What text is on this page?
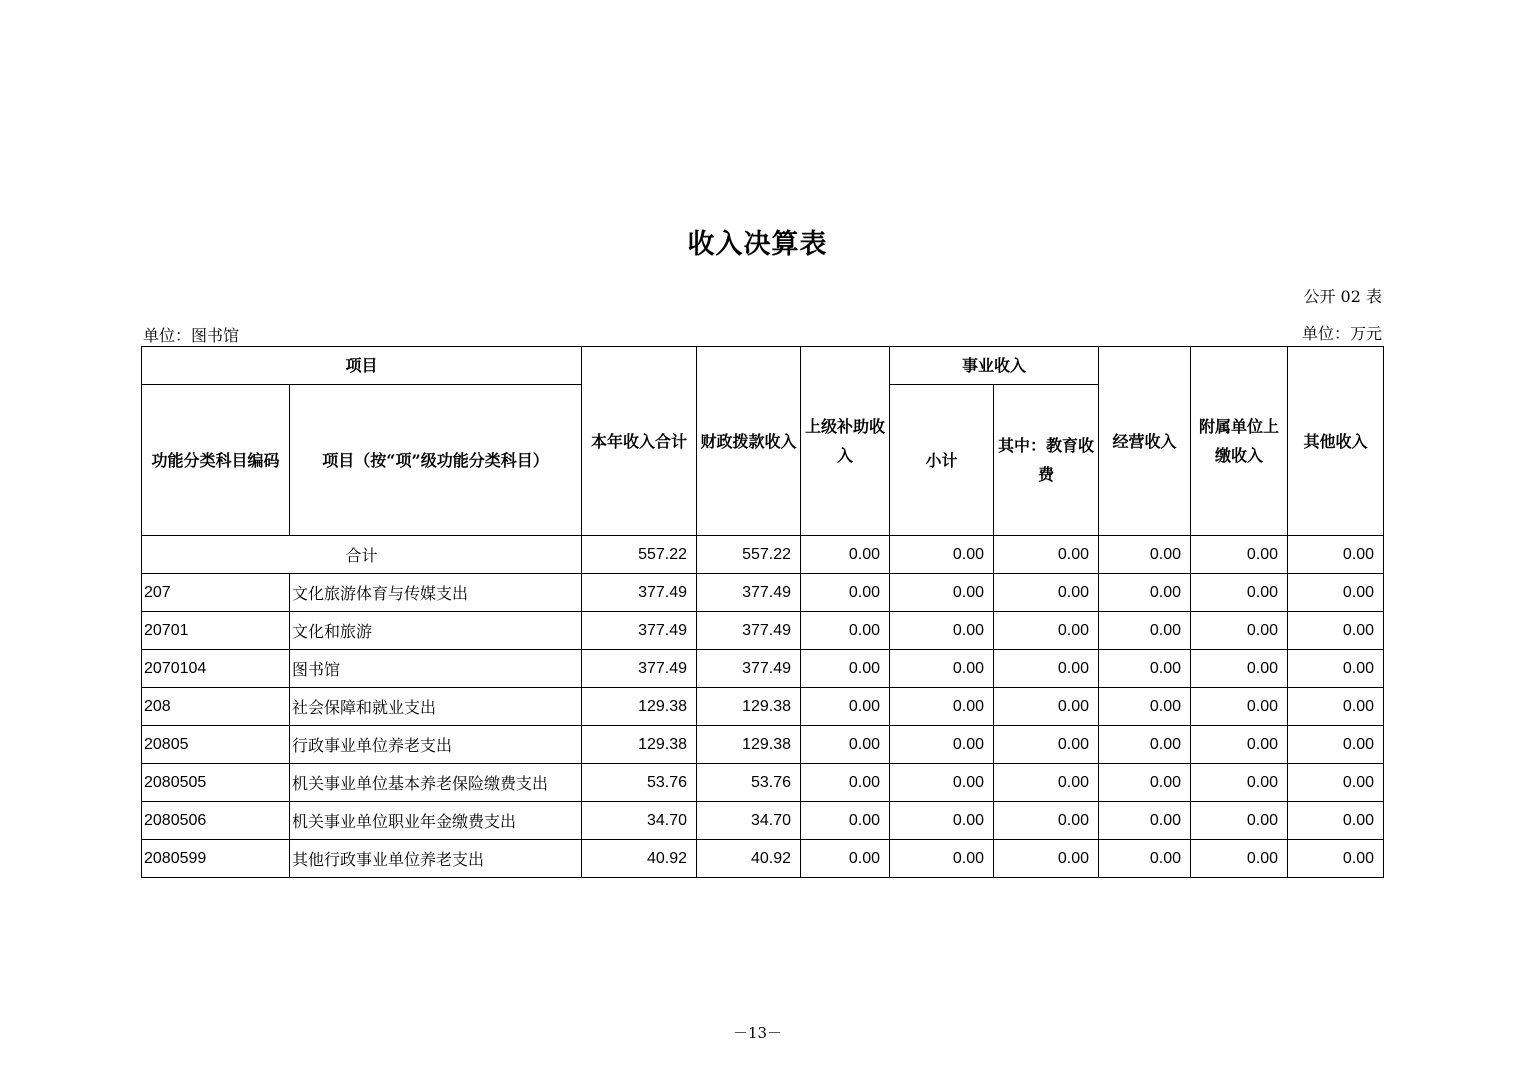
收入决算表
公开 02 表
单位：图书馆	单位：万元
项目		本年收入合计	财政拨款收入	上级补助收入	事业收入		经营收入	附属单位上缴收入	其他收入
功能分类科目编码	项目（按“项”级功能分类科目）				小计	其中：教育收费			
合计		557.22	557.22	0.00	0.00	0.00	0.00	0.00	0.00
207	文化旅游体育与传媒支出	377.49	377.49	0.00	0.00	0.00	0.00	0.00	0.00
20701	文化和旅游	377.49	377.49	0.00	0.00	0.00	0.00	0.00	0.00
2070104	图书馆	377.49	377.49	0.00	0.00	0.00	0.00	0.00	0.00
208	社会保障和就业支出	129.38	129.38	0.00	0.00	0.00	0.00	0.00	0.00
20805	行政事业单位养老支出	129.38	129.38	0.00	0.00	0.00	0.00	0.00	0.00
2080505	机关事业单位基本养老保险缴费支出	53.76	53.76	0.00	0.00	0.00	0.00	0.00	0.00
2080506	机关事业单位职业年金缴费支出	34.70	34.70	0.00	0.00	0.00	0.00	0.00	0.00
2080599	其他行政事业单位养老支出	40.92	40.92	0.00	0.00	0.00	0.00	0.00	0.00
－13－
